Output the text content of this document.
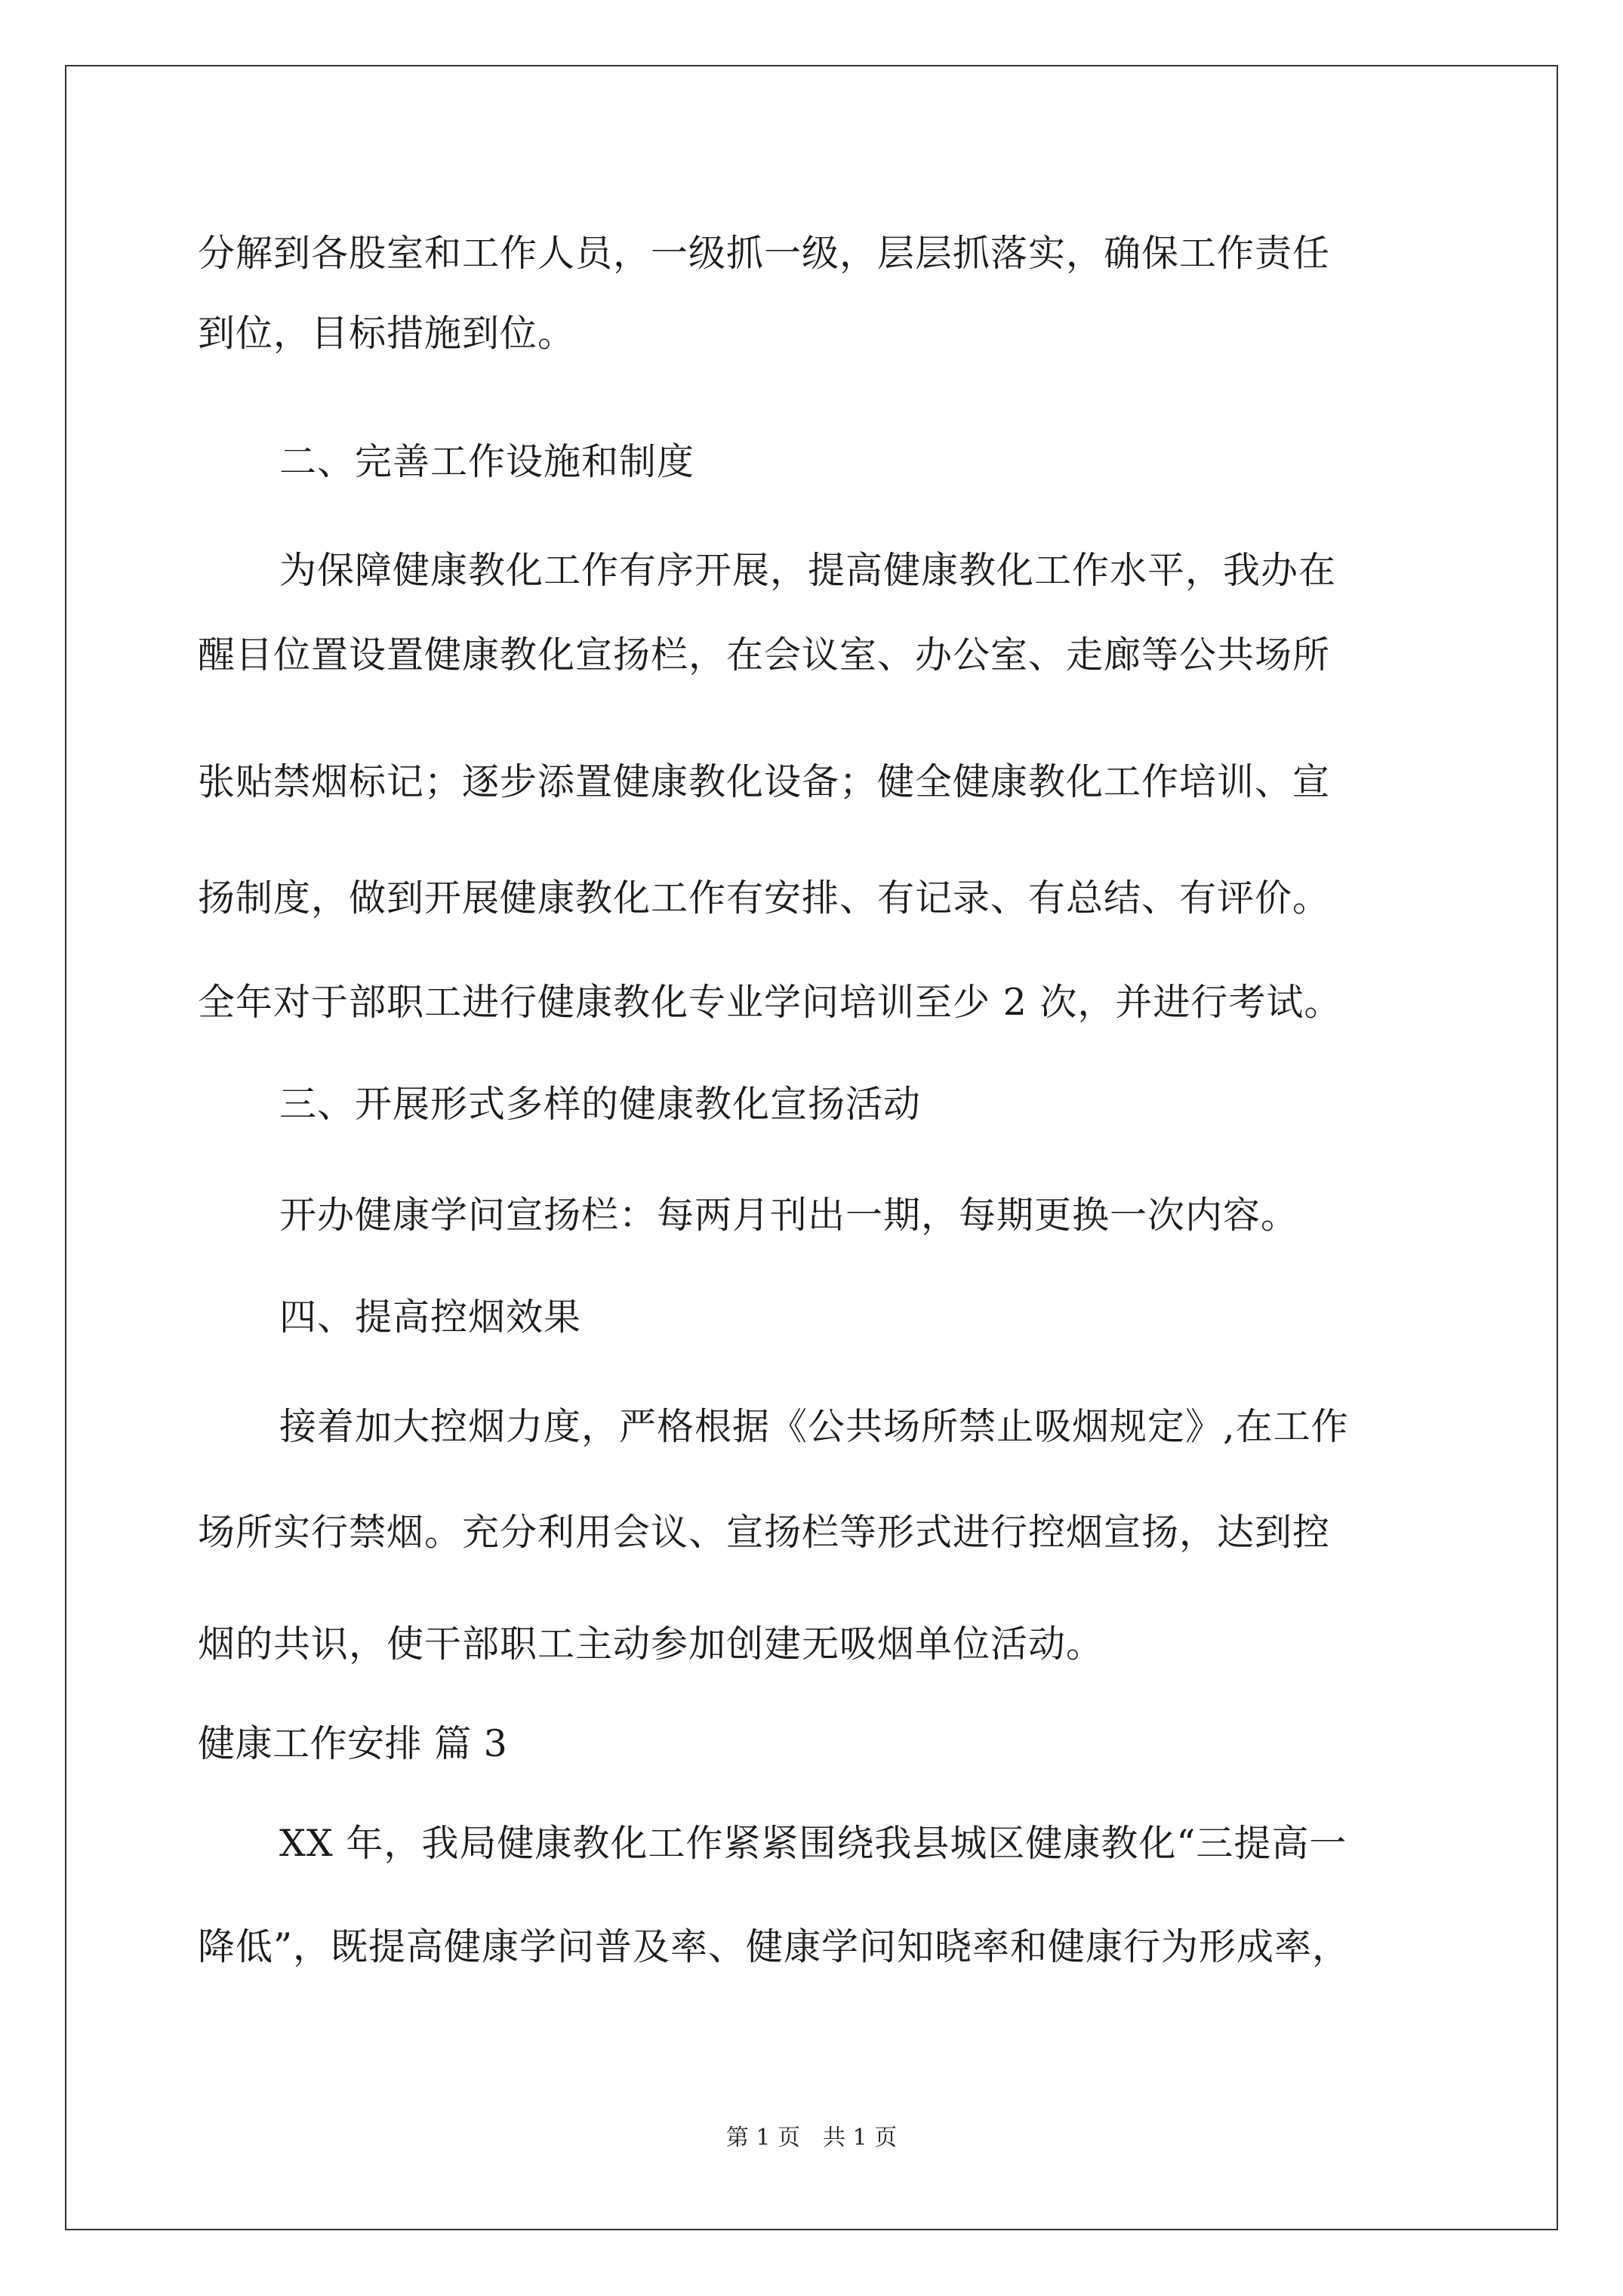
分解到各股室和工作人员，一级抓一级，层层抓落实，确保工作责任
到位，目标措施到位。
二、完善工作设施和制度
为保障健康教化工作有序开展，提高健康教化工作水平，我办在
醒目位置设置健康教化宣扬栏，在会议室、办公室、走廊等公共场所
张贴禁烟标记；逐步添置健康教化设备；健全健康教化工作培训、宣
扬制度，做到开展健康教化工作有安排、有记录、有总结、有评价。
全年对于部职工进行健康教化专业学问培训至少 2 次，并进行考试。
三、开展形式多样的健康教化宣扬活动
开办健康学问宣扬栏：每两月刊出一期，每期更换一次内容。
四、提高控烟效果
接着加大控烟力度，严格根据《公共场所禁止吸烟规定》,在工作
场所实行禁烟。充分利用会议、宣扬栏等形式进行控烟宣扬，达到控
烟的共识，使干部职工主动参加创建无吸烟单位活动。
健康工作安排 篇 3
XX 年，我局健康教化工作紧紧围绕我县城区健康教化“三提高一
降低”，既提高健康学问普及率、健康学问知晓率和健康行为形成率，
第 1 页　共 1 页
